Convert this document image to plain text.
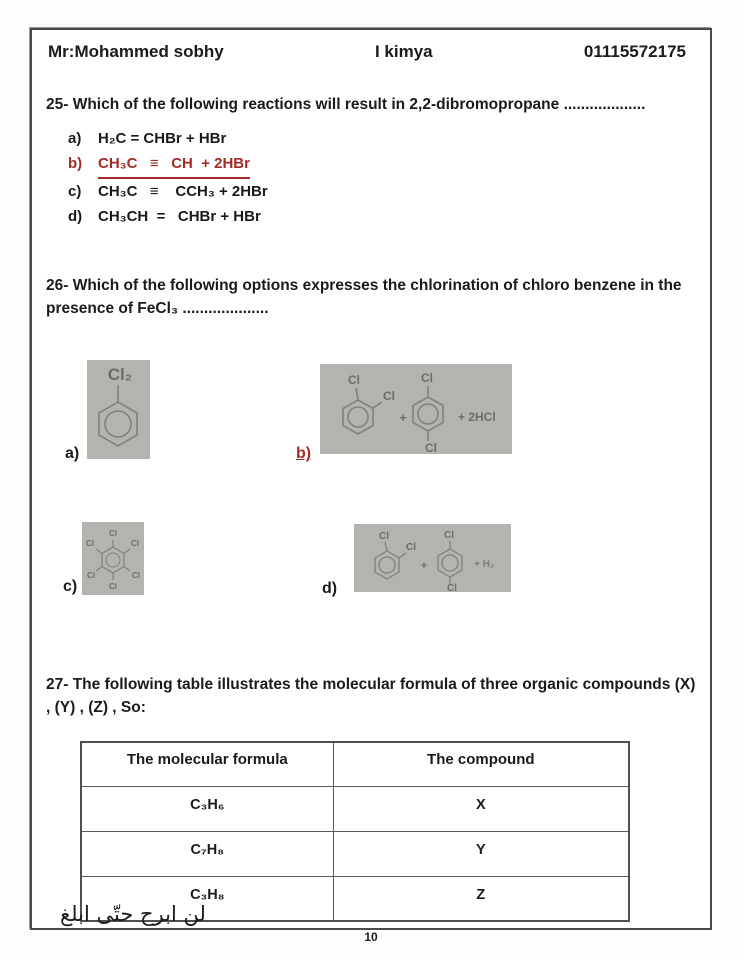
Mr:Mohammed sobhy	I kimya	01115572175

25- Which of the following reactions will result in 2,2-dibromopropane ...................

a)	H₂C = CHBr + HBr
b)	CH₃C   ≡   CH  + 2HBr
c)	CH₃C   ≡    CCH₃ + 2HBr
d)	CH₃CH  =   CHBr + HBr

26- Which of the following options expresses the chlorination of chloro benzene in the presence of FeCl₃ ....................

a)
Cl₂
b)
Cl
Cl
+
Cl
Cl
+ 2HCl
c)
Cl
Cl
Cl
Cl
Cl
Cl
d)
Cl
Cl
+
Cl
Cl
+ H₂

27- The following table illustrates the molecular formula of three organic compounds (X) , (Y) , (Z) , So:

The molecular formula	The compound
C₃H₆	X
C₇H₈	Y
C₃H₈	Z
10
لن ابرح حتّى ابلغ
